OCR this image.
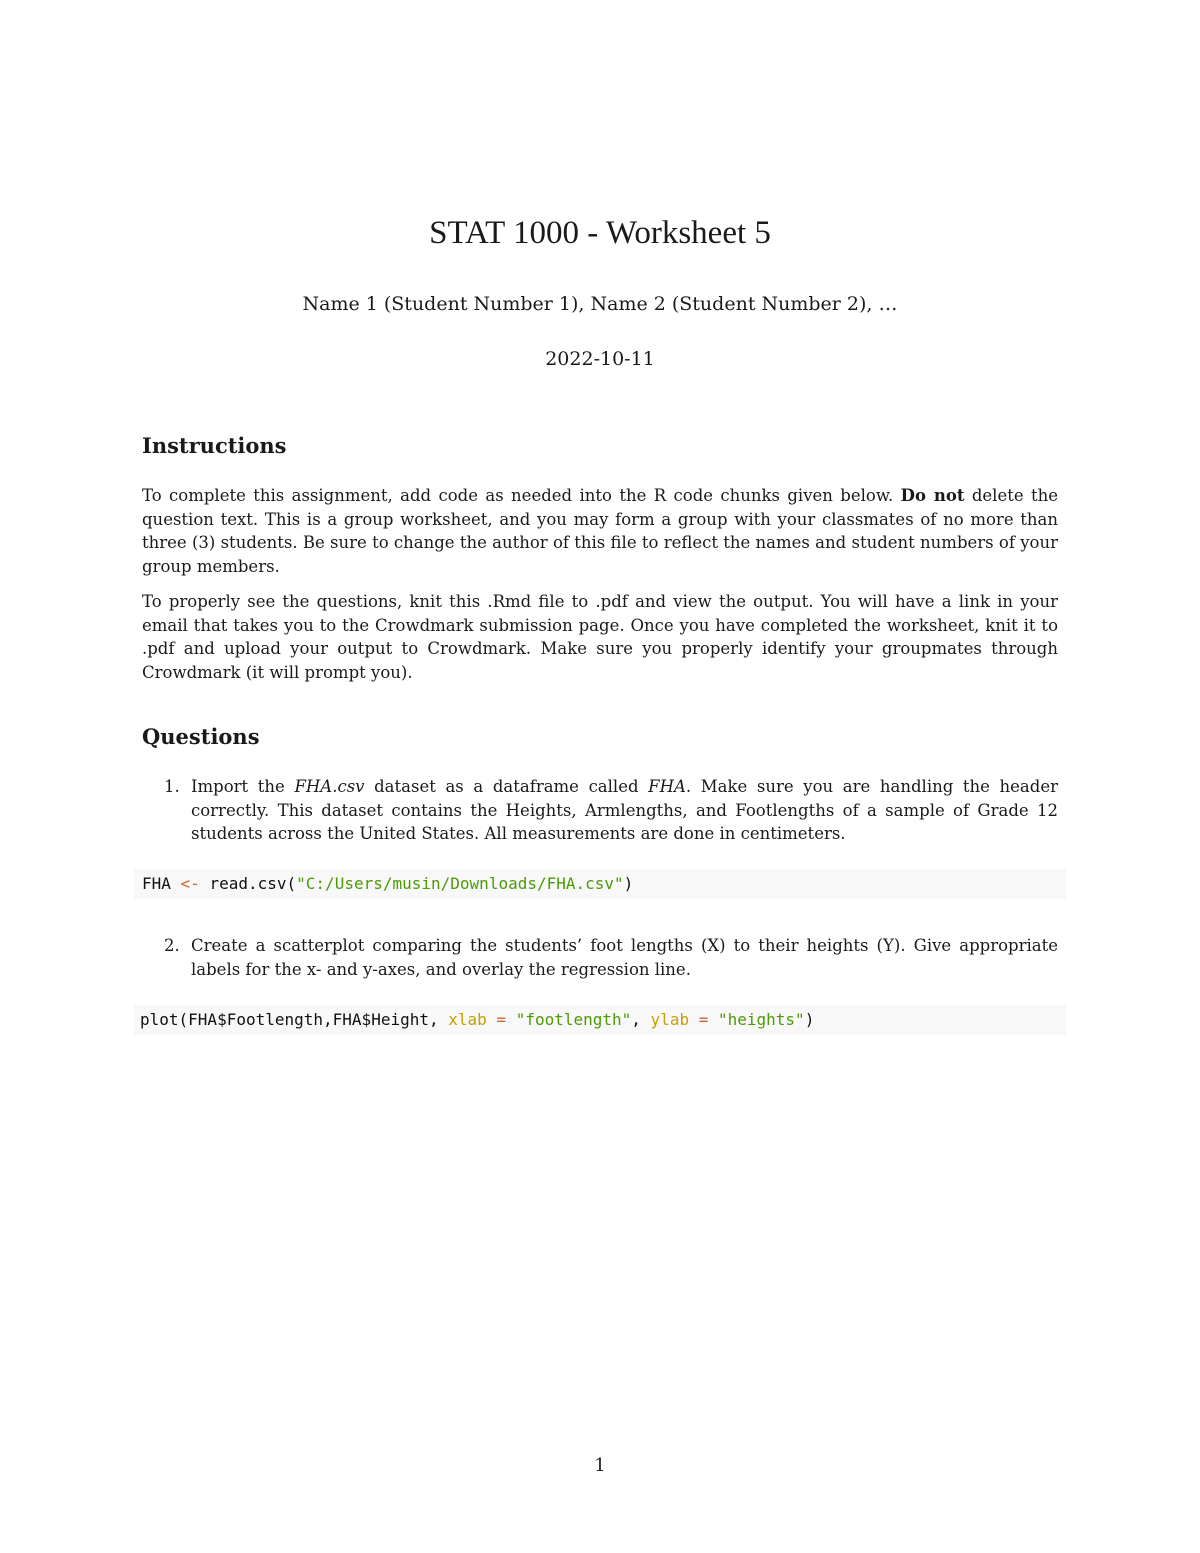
STAT 1000 - Worksheet 5
Name 1 (Student Number 1), Name 2 (Student Number 2), …
2022-10-11
Instructions

To complete this assignment, add code as needed into the R code chunks given below. Do not delete the question text. This is a group worksheet, and you may form a group with your classmates of no more than three (3) students. Be sure to change the author of this file to reflect the names and student numbers of your group members.

To properly see the questions, knit this .Rmd file to .pdf and view the output. You will have a link in your email that takes you to the Crowdmark submission page. Once you have completed the worksheet, knit it to .pdf and upload your output to Crowdmark. Make sure you properly identify your groupmates through Crowdmark (it will prompt you).

Questions
1. Import the FHA.csv dataset as a dataframe called FHA. Make sure you are handling the header correctly. This dataset contains the Heights, Armlengths, and Footlengths of a sample of Grade 12 students across the United States. All measurements are done in centimeters.
FHA <- read.csv("C:/Users/musin/Downloads/FHA.csv")
2. Create a scatterplot comparing the students’ foot lengths (X) to their heights (Y). Give appropriate labels for the x- and y-axes, and overlay the regression line.
plot(FHA$Footlength,FHA$Height, xlab = "footlength", ylab = "heights")
1
